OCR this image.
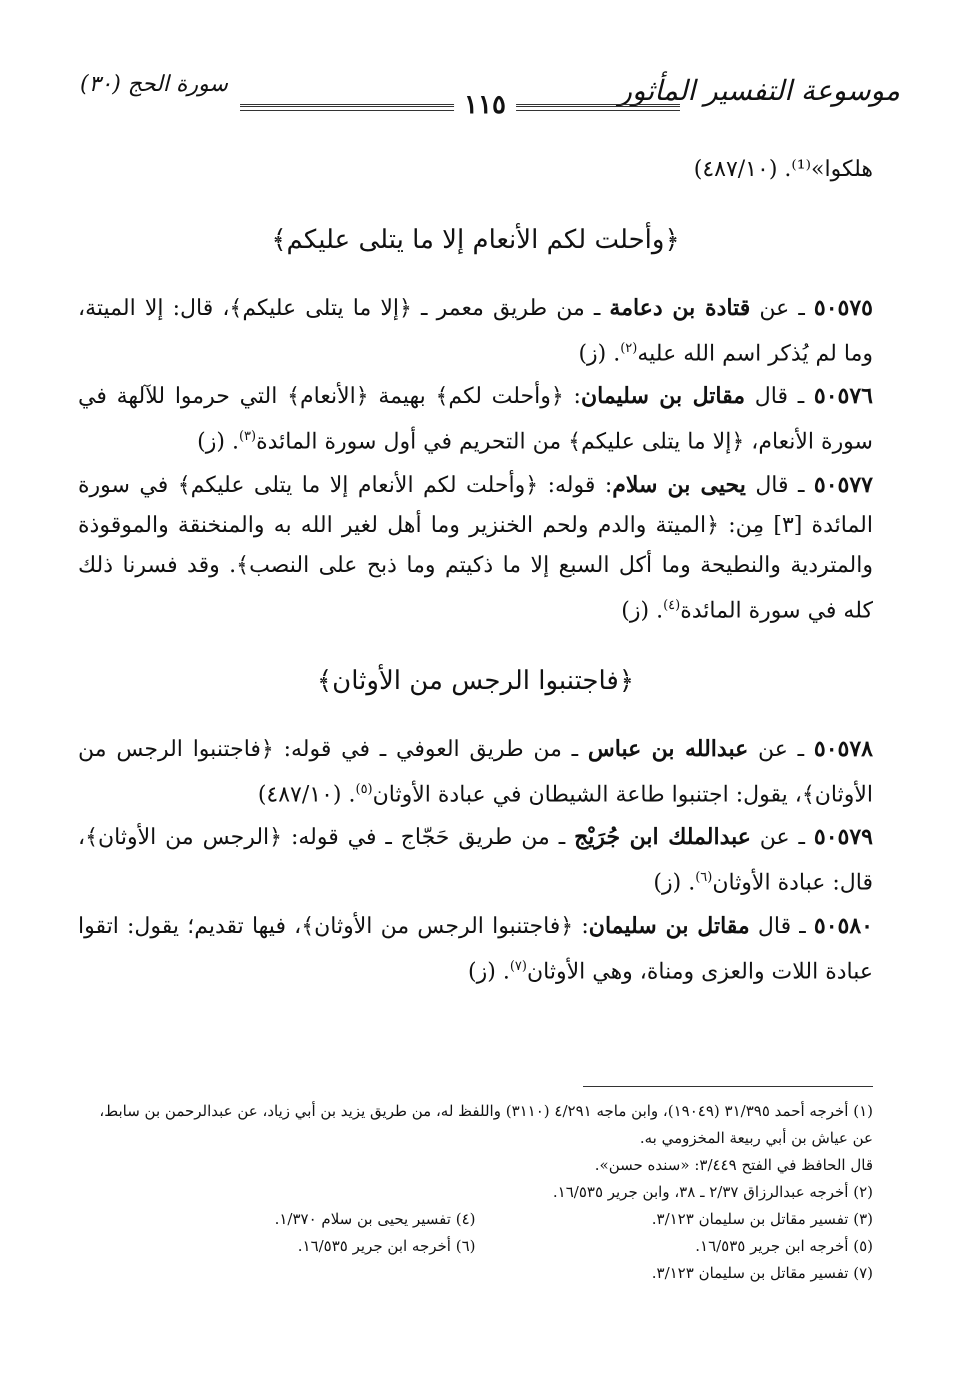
موسوعة التفسير المأثور
١١٥
سورة الحج (٣٠)
هلكوا»⁽¹⁾. (٤٨٧/١٠)
﴿وأحلت لكم الأنعام إلا ما يتلى عليكم﴾
٥٠٥٧٥ ـ عن قتادة بن دعامة ـ من طريق معمر ـ ﴿إلا ما يتلى عليكم﴾، قال: إلا الميتة، وما لم يُذكر اسم الله عليه$^{(٢)}$. (ز)
٥٠٥٧٦ ـ قال مقاتل بن سليمان: ﴿وأحلت لكم﴾ بهيمة ﴿الأنعام﴾ التي حرموا للآلهة في سورة الأنعام، ﴿إلا ما يتلى عليكم﴾ من التحريم في أول سورة المائدة$^{(٣)}$. (ز)
٥٠٥٧٧ ـ قال يحيى بن سلام: قوله: ﴿وأحلت لكم الأنعام إلا ما يتلى عليكم﴾ في سورة المائدة [٣] مِن: ﴿الميتة والدم ولحم الخنزير وما أهل لغير الله به والمنخنقة والموقوذة والمتردية والنطيحة وما أكل السبع إلا ما ذكيتم وما ذبح على النصب﴾. وقد فسرنا ذلك كله في سورة المائدة$^{(٤)}$. (ز)
﴿فاجتنبوا الرجس من الأوثان﴾
٥٠٥٧٨ ـ عن عبدالله بن عباس ـ من طريق العوفي ـ في قوله: ﴿فاجتنبوا الرجس من الأوثان﴾، يقول: اجتنبوا طاعة الشيطان في عبادة الأوثان$^{(٥)}$. (٤٨٧/١٠)
٥٠٥٧٩ ـ عن عبدالملك ابن جُرَيْج ـ من طريق حَجّاج ـ في قوله: ﴿الرجس من الأوثان﴾، قال: عبادة الأوثان$^{(٦)}$. (ز)
٥٠٥٨٠ ـ قال مقاتل بن سليمان: ﴿فاجتنبوا الرجس من الأوثان﴾، فيها تقديم؛ يقول: اتقوا عبادة اللات والعزى ومناة، وهي الأوثان$^{(٧)}$. (ز)

(١) أخرجه أحمد ٣١/٣٩٥ (١٩٠٤٩)، وابن ماجه ٤/٢٩١ (٣١١٠) واللفظ له، من طريق يزيد بن أبي زياد، عن عبدالرحمن بن سابط، عن عياش بن أبي ربيعة المخزومي به.

قال الحافظ في الفتح ٣/٤٤٩: «سنده حسن».

(٢) أخرجه عبدالرزاق ٢/٣٧ ـ ٣٨، وابن جرير ١٦/٥٣٥.

(٣) تفسير مقاتل بن سليمان ٣/١٢٣.

(٤) تفسير يحيى بن سلام ١/٣٧٠.

(٥) أخرجه ابن جرير ١٦/٥٣٥.

(٦) أخرجه ابن جرير ١٦/٥٣٥.

(٧) تفسير مقاتل بن سليمان ٣/١٢٣.
